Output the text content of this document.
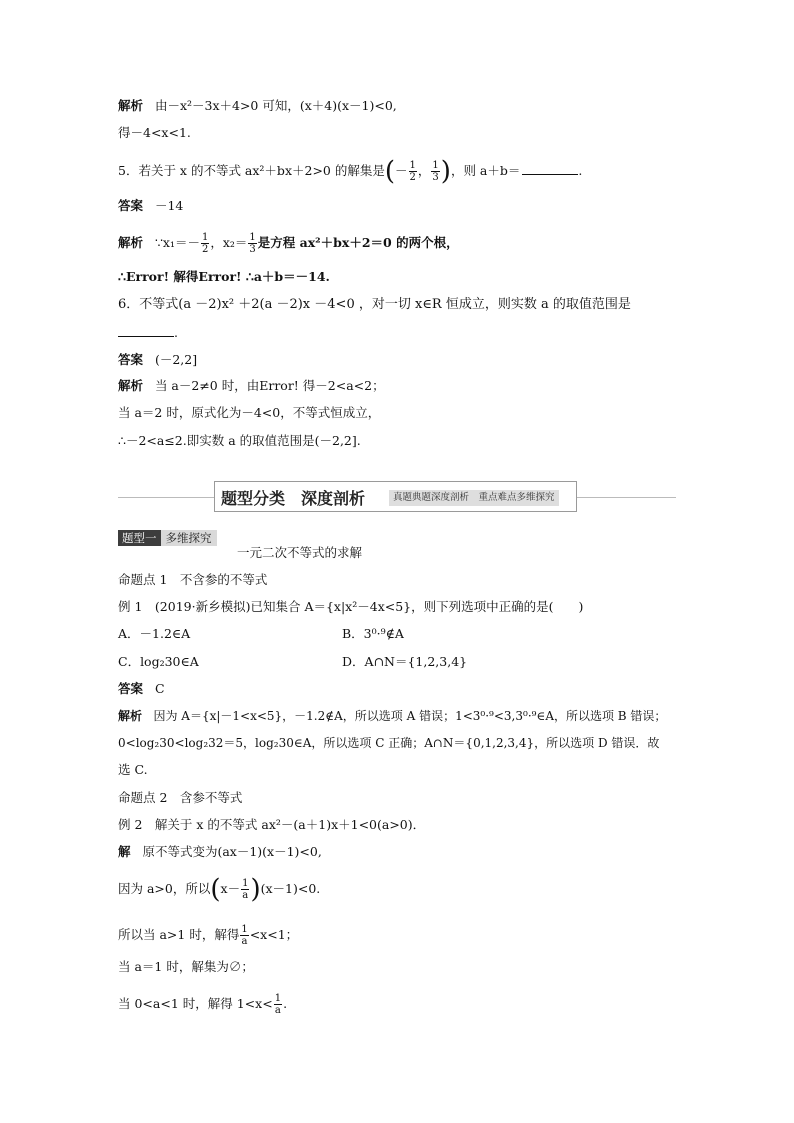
解析 由－x²－3x＋4>0 可知，(x＋4)(x－1)<0,
得－4<x<1.
5．若关于 x 的不等式 ax²＋bx＋2>0 的解集是(－ $\frac{1}{2}$ ， $\frac{1}{3}$ )，则 a＋b＝	.
答案 －14
解析 ∵x₁＝－ $\frac{1}{2}$ ，$x_2= \frac{1}{3}$ 是方程 ax²＋bx＋2＝0 的两个根，
∴Error! 解得Error! ∴a＋b＝－14.
6．不等式(a －2)x² ＋2(a －2)x －4<0 ，对一切 x∈R 恒成立，则实数 a 的取值范围是
.
答案 (－2,2]
解析 当 a－2≠0 时，由Error! 得－2<a<2；
当 a＝2 时，原式化为－4<0，不等式恒成立，
∴－2<a≤2.即实数 a 的取值范围是(－2,2].
题型分类　深度剖析	真题典题深度剖析　重点难点多维探究
题型一 多维探究
一元二次不等式的求解
命题点 1　不含参的不等式
例 1　(2019·新乡模拟)已知集合 A＝{x|x²－4x<5}，则下列选项中正确的是(　　)
A．－1.2∈A	B．3⁰·⁹∉A
C．log₂30∈A	D．A∩N＝{1,2,3,4}
答案 C
解析 因为 A＝{x|－1<x<5}，－1.2∉A，所以选项 A 错误；1<3⁰·⁹<3,3⁰·⁹∈A，所以选项 B 错误；
0<log₂30<log₂32＝5，log₂30∈A，所以选项 C 正确；A∩N＝{0,1,2,3,4}，所以选项 D 错误．故
选 C.
命题点 2　含参不等式
例 2　解关于 x 的不等式 ax²－(a＋1)x＋1<0(a>0)．
解 原不等式变为(ax－1)(x－1)<0,
因为 a>0，所以$(x- \frac{1}{a} )(x-1)<0$.
所以当 a>1 时，解得 $\frac{1}{a} <x<1$；
当 a＝1 时，解集为∅；
当 0<a<1 时，解得 $1<x< \frac{1}{a}$ .
